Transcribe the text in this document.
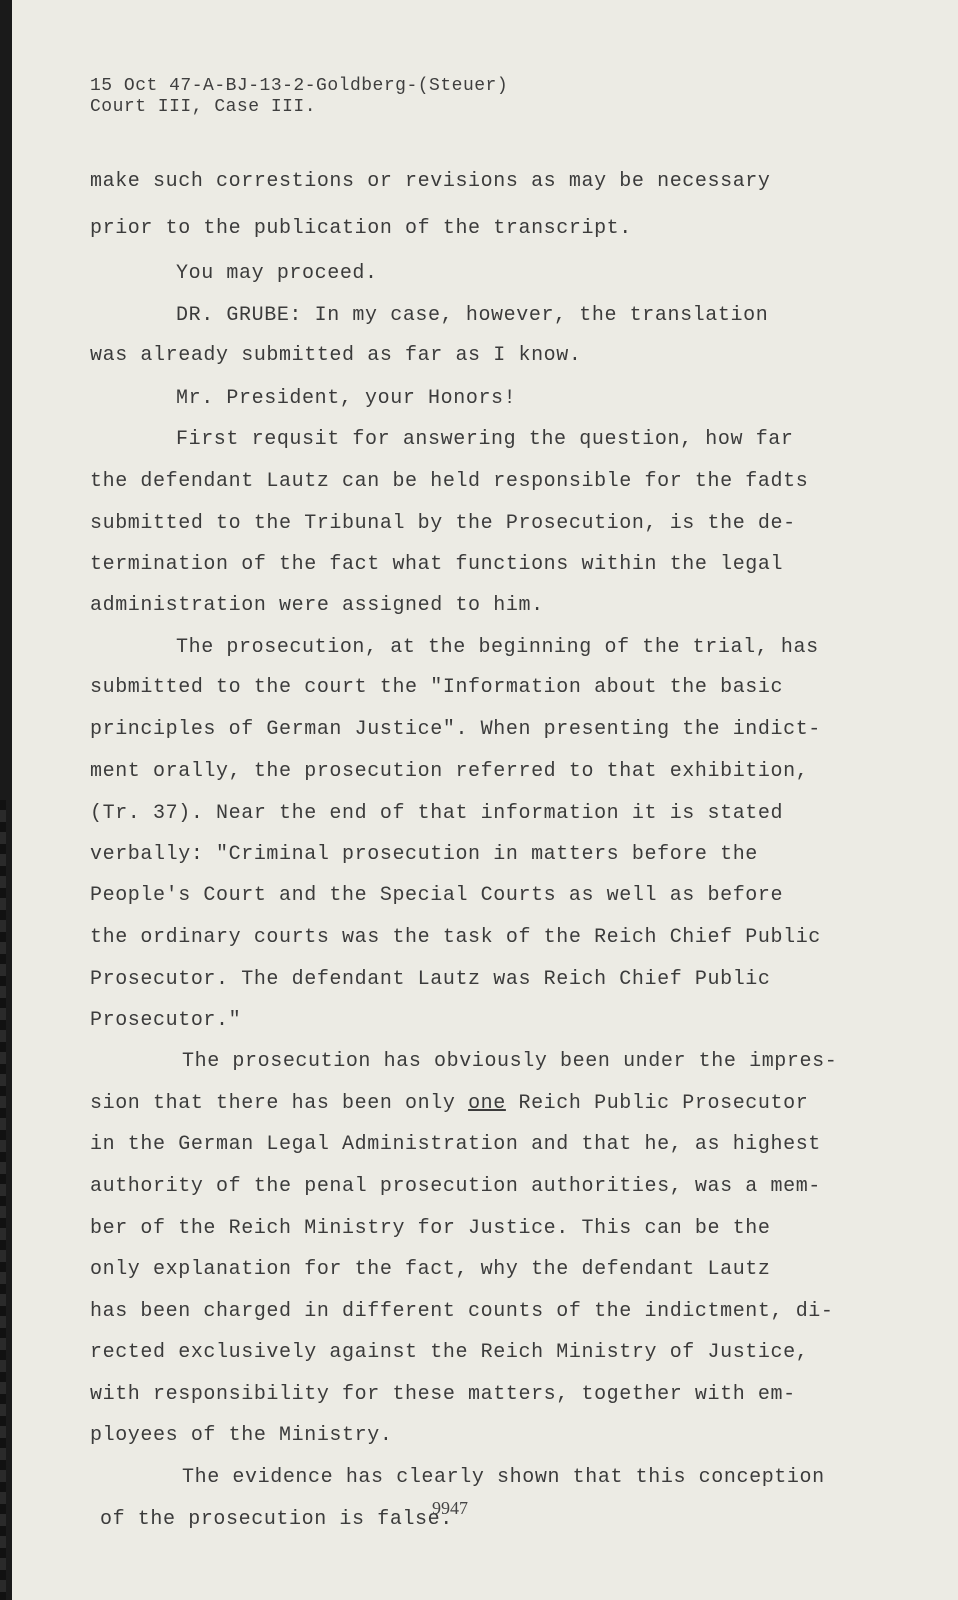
15 Oct 47-A-BJ-13-2-Goldberg-(Steuer)
Court III, Case III.
make such correstions or revisions as may be necessary
prior to the publication of the transcript.
You may proceed.
DR. GRUBE: In my case, however, the translation
was already submitted as far as I know.
Mr. President, your Honors!
First requsit for answering the question, how far
the defendant Lautz can be held responsible for the fadts
submitted to the Tribunal by the Prosecution, is the de-
termination of the fact what functions within the legal
administration were assigned to him.
The prosecution, at the beginning of the trial, has
submitted to the court the "Information about the basic
principles of German Justice". When presenting the indict-
ment orally, the prosecution referred to that exhibition,
(Tr. 37). Near the end of that information it is stated
verbally: "Criminal prosecution in matters before the
People's Court and the Special Courts as well as before
the ordinary courts was the task of the Reich Chief Public
Prosecutor. The defendant Lautz was Reich Chief Public
Prosecutor."
The prosecution has obviously been under the impres-
sion that there has been only one Reich Public Prosecutor
in the German Legal Administration and that he, as highest
authority of the penal prosecution authorities, was a mem-
ber of the Reich Ministry for Justice. This can be the
only explanation for the fact, why the defendant Lautz
has been charged in different counts of the indictment, di-
rected exclusively against the Reich Ministry of Justice,
with responsibility for these matters, together with em-
ployees of the Ministry.
The evidence has clearly shown that this conception
of the prosecution is false.
9947
